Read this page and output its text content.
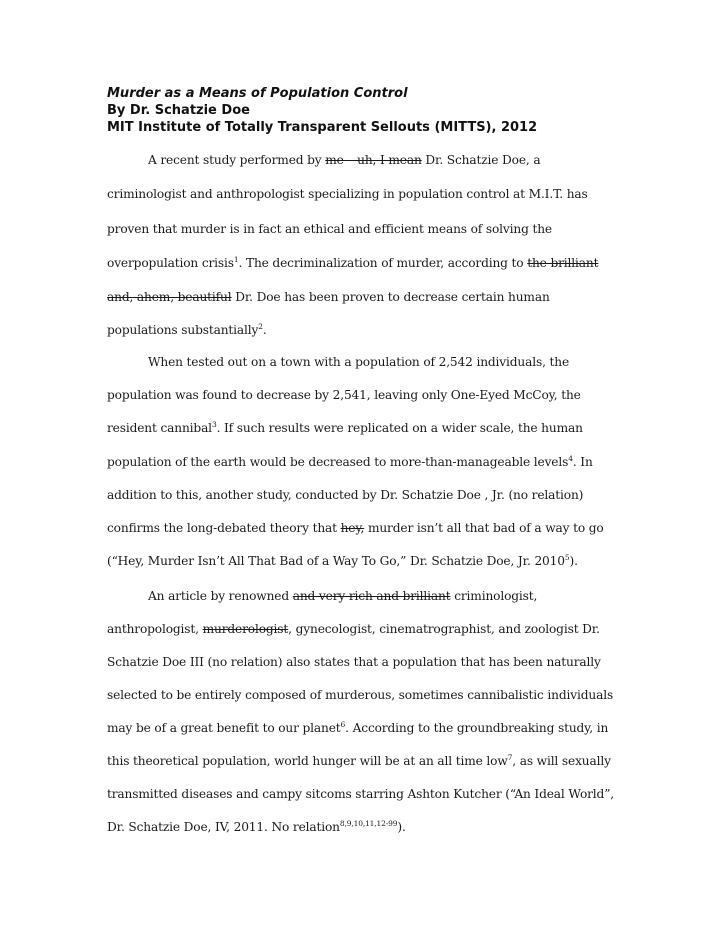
Murder as a Means of Population Control
By Dr. Schatzie Doe
MIT Institute of Totally Transparent Sellouts (MITTS), 2012
A recent study performed by me – uh, I mean Dr. Schatzie Doe, a
criminologist and anthropologist specializing in population control at M.I.T. has
proven that murder is in fact an ethical and efficient means of solving the
overpopulation crisis$^1$. The decriminalization of murder, according to the brilliant
and, ahem, beautiful Dr. Doe has been proven to decrease certain human
populations substantially$^2$.
When tested out on a town with a population of 2,542 individuals, the
population was found to decrease by 2,541, leaving only One-Eyed McCoy, the
resident cannibal$^3$. If such results were replicated on a wider scale, the human
population of the earth would be decreased to more-than-manageable levels$^4$. In
addition to this, another study, conducted by Dr. Schatzie Doe , Jr. (no relation)
confirms the long-debated theory that hey, murder isn’t all that bad of a way to go
(“Hey, Murder Isn’t All That Bad of a Way To Go,” Dr. Schatzie Doe, Jr. 2010$^5$).
An article by renowned and very rich and brilliant criminologist,
anthropologist, murderologist, gynecologist, cinematrographist, and zoologist Dr.
Schatzie Doe III (no relation) also states that a population that has been naturally
selected to be entirely composed of murderous, sometimes cannibalistic individuals
may be of a great benefit to our planet$^6$. According to the groundbreaking study, in
this theoretical population, world hunger will be at an all time low$^7$, as will sexually
transmitted diseases and campy sitcoms starring Ashton Kutcher (“An Ideal World”,
Dr. Schatzie Doe, IV, 2011. No relation$^{8,9,10,11,12-99}$).
